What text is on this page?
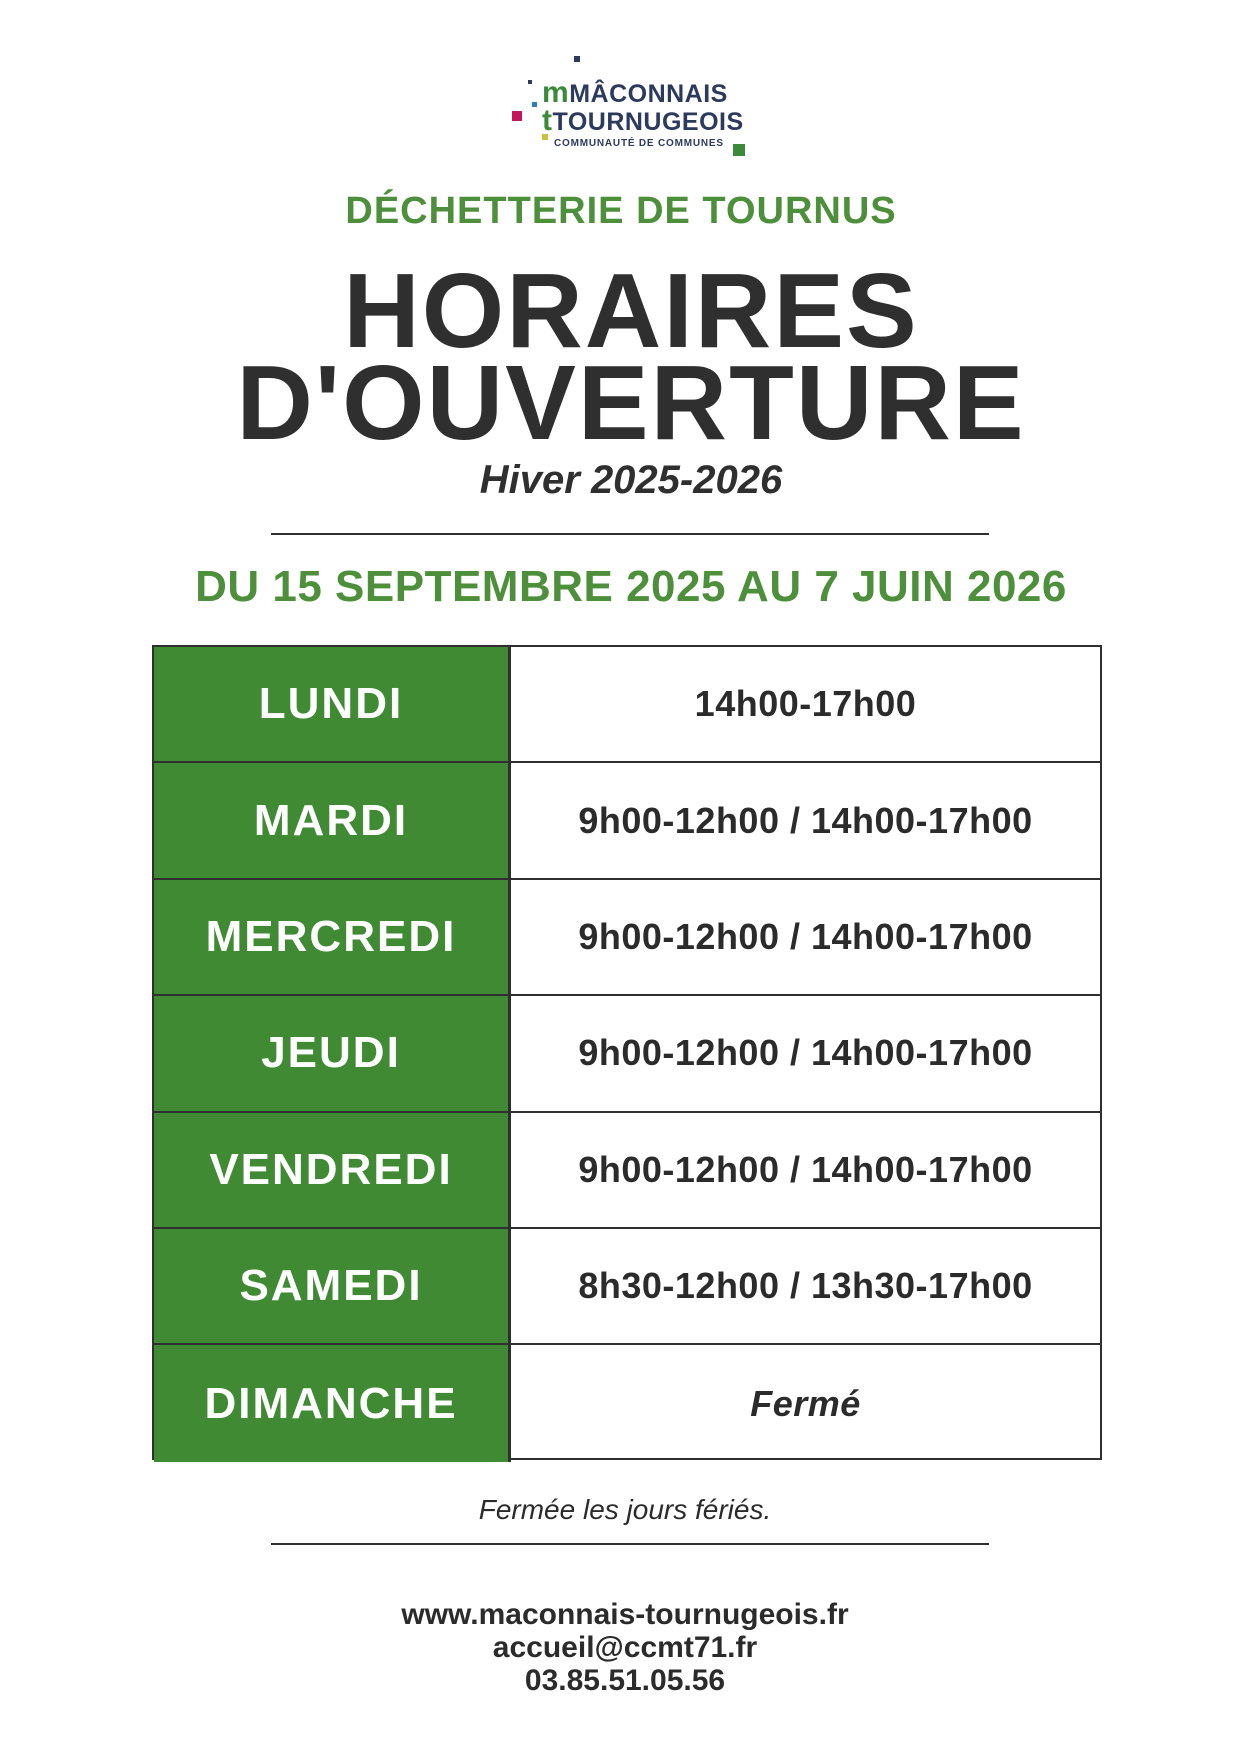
mMÂCONNAIS
tTOURNUGEOIS
COMMUNAUTÉ DE COMMUNES
DÉCHETTERIE DE TOURNUS
HORAIRES
D'OUVERTURE
Hiver 2025-2026
DU 15 SEPTEMBRE 2025 AU 7 JUIN 2026
LUNDI	14h00-17h00
MARDI	9h00-12h00 / 14h00-17h00
MERCREDI	9h00-12h00 / 14h00-17h00
JEUDI	9h00-12h00 / 14h00-17h00
VENDREDI	9h00-12h00 / 14h00-17h00
SAMEDI	8h30-12h00 / 13h30-17h00
DIMANCHE	Fermé
Fermée les jours fériés.
www.maconnais-tournugeois.fr
accueil@ccmt71.fr
03.85.51.05.56
